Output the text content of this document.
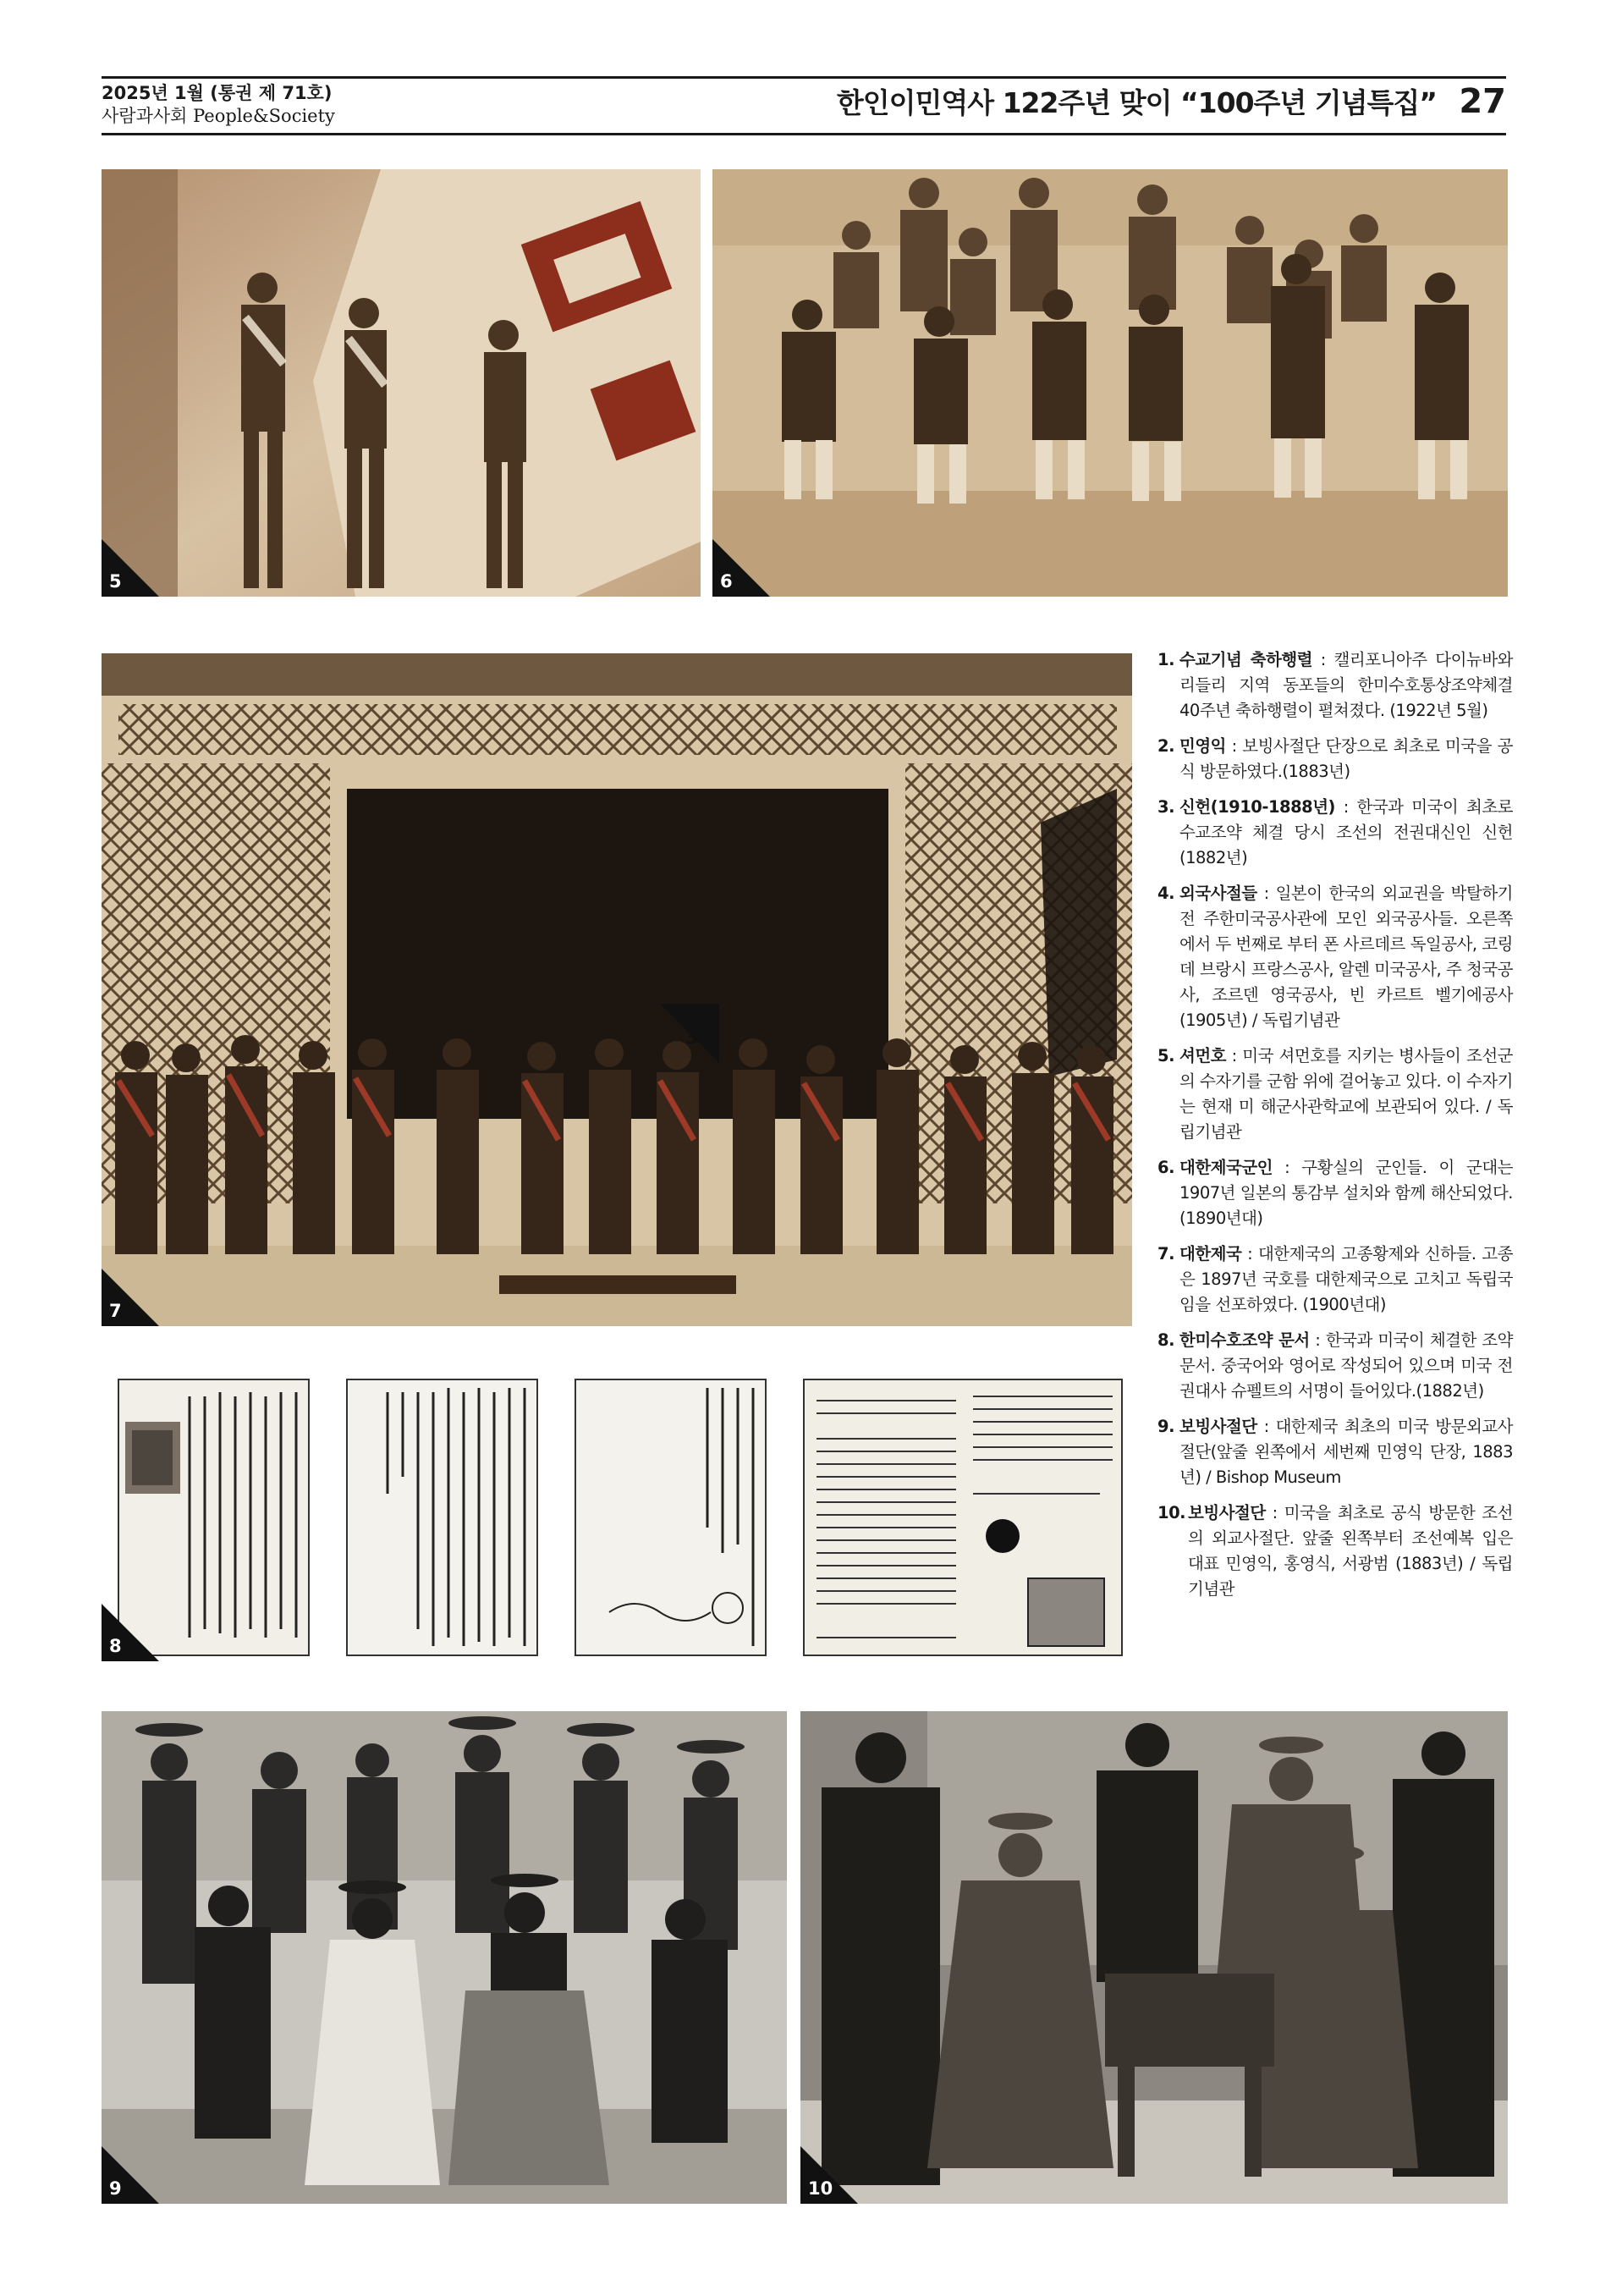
2025년 1월 (통권 제 71호)
사람과사회 People&Society	한인이민역사 122주년 맞이 “100주년 기념특집” 27
5	6
7
3
8
1. 수교기념 축하행렬 : 캘리포니아주 다이뉴바와 리들리 지역 동포들의 한미수호통상조약체결 40주년 축하행렬이 펼쳐졌다. (1922년 5월)
2. 민영익 : 보빙사절단 단장으로 최초로 미국을 공식 방문하였다.(1883년)
3. 신헌(1910-1888년) : 한국과 미국이 최초로 수교조약 체결 당시 조선의 전권대신인 신헌 (1882년)
4. 외국사절들 : 일본이 한국의 외교권을 박탈하기 전 주한미국공사관에 모인 외국공사들. 오른쪽에서 두 번째로 부터 폰 사르데르 독일공사, 코링 데 브랑시 프랑스공사, 알렌 미국공사, 주 청국공사, 조르덴 영국공사, 빈 카르트 벨기에공사 (1905년) / 독립기념관
5. 셔먼호 : 미국 셔먼호를 지키는 병사들이 조선군의 수자기를 군함 위에 걸어놓고 있다. 이 수자기는 현재 미 해군사관학교에 보관되어 있다. / 독립기념관
6. 대한제국군인 : 구황실의 군인들. 이 군대는 1907년 일본의 통감부 설치와 함께 해산되었다. (1890년대)
7. 대한제국 : 대한제국의 고종황제와 신하들. 고종은 1897년 국호를 대한제국으로 고치고 독립국임을 선포하였다. (1900년대)
8. 한미수호조약 문서 : 한국과 미국이 체결한 조약문서. 중국어와 영어로 작성되어 있으며 미국 전권대사 슈펠트의 서명이 들어있다.(1882년)
9. 보빙사절단 : 대한제국 최초의 미국 방문외교사절단(앞줄 왼쪽에서 세번째 민영익 단장, 1883년) / Bishop Museum
10. 보빙사절단 : 미국을 최초로 공식 방문한 조선의 외교사절단. 앞줄 왼쪽부터 조선예복 입은 대표 민영익, 홍영식, 서광범 (1883년) / 독립기념관
9	10
